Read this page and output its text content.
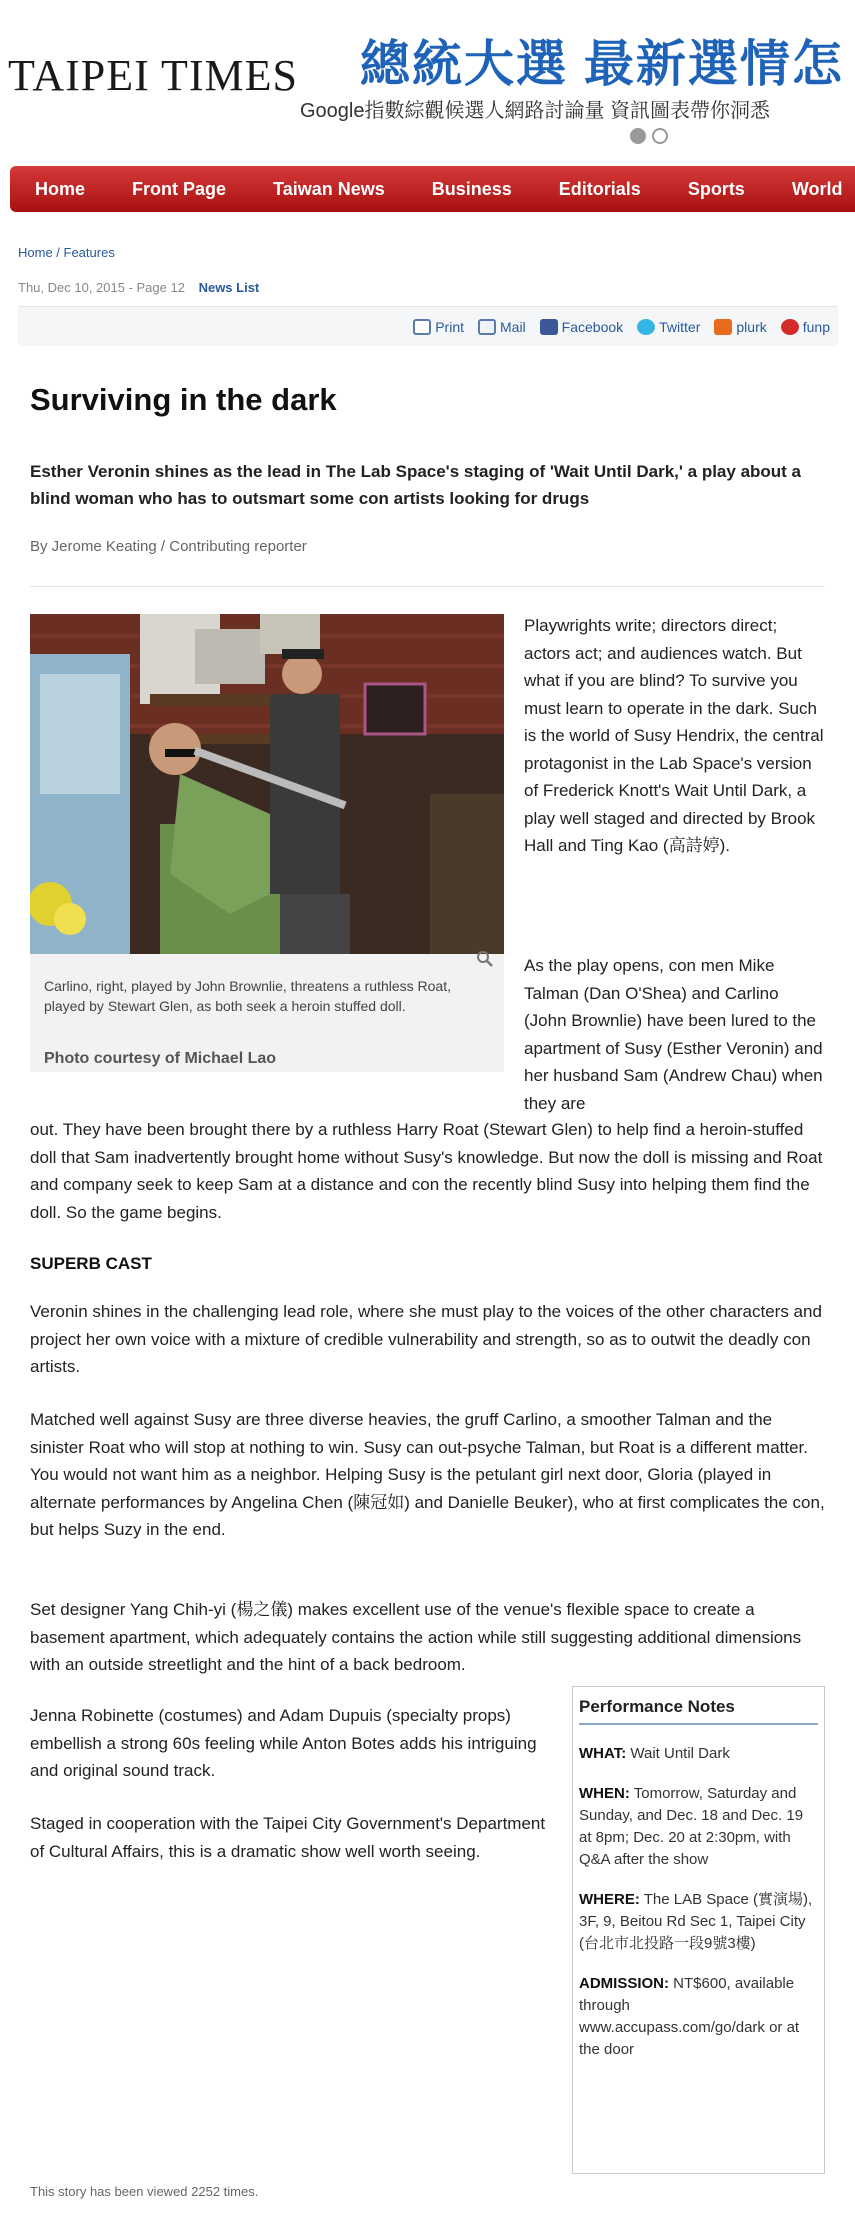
TAIPEI TIMES 總統大選 最新選情怎
Google指數綜觀候選人網路討論量 資訊圖表帶你洞悉
Home	Front Page	Taiwan News	Business	Editorials	Sports	World
Home / Features
Thu, Dec 10, 2015 - Page 12 News List
Print	Mail	Facebook	Twitter	plurk	funp
Surviving in the dark
Esther Veronin shines as the lead in The Lab Space's staging of 'Wait Until Dark,' a play about a blind woman who has to outsmart some con artists looking for drugs
By Jerome Keating / Contributing reporter
Carlino, right, played by John Brownlie, threatens a ruthless Roat, played by Stewart Glen, as both seek a heroin stuffed doll.
Photo courtesy of Michael Lao
Playwrights write; directors direct; actors act; and audiences watch. But what if you are blind? To survive you must learn to operate in the dark. Such is the world of Susy Hendrix, the central protagonist in the Lab Space's version of Frederick Knott's Wait Until Dark, a play well staged and directed by Brook Hall and Ting Kao (高詩婷).
As the play opens, con men Mike Talman (Dan O'Shea) and Carlino (John Brownlie) have been lured to the apartment of Susy (Esther Veronin) and her husband Sam (Andrew Chau) when they are
out. They have been brought there by a ruthless Harry Roat (Stewart Glen) to help find a heroin-stuffed doll that Sam inadvertently brought home without Susy's knowledge. But now the doll is missing and Roat and company seek to keep Sam at a distance and con the recently blind Susy into helping them find the doll. So the game begins.
SUPERB CAST
Veronin shines in the challenging lead role, where she must play to the voices of the other characters and project her own voice with a mixture of credible vulnerability and strength, so as to outwit the deadly con artists.
Matched well against Susy are three diverse heavies, the gruff Carlino, a smoother Talman and the sinister Roat who will stop at nothing to win. Susy can out-psyche Talman, but Roat is a different matter. You would not want him as a neighbor. Helping Susy is the petulant girl next door, Gloria (played in alternate performances by Angelina Chen (陳冠如) and Danielle Beuker), who at first complicates the con, but helps Suzy in the end.
Set designer Yang Chih-yi (楊之儀) makes excellent use of the venue's flexible space to create a basement apartment, which adequately contains the action while still suggesting additional dimensions with an outside streetlight and the hint of a back bedroom.
Jenna Robinette (costumes) and Adam Dupuis (specialty props) embellish a strong 60s feeling while Anton Botes adds his intriguing and original sound track.
Staged in cooperation with the Taipei City Government's Department of Cultural Affairs, this is a dramatic show well worth seeing.
Performance Notes
WHAT: Wait Until Dark
WHEN: Tomorrow, Saturday and Sunday, and Dec. 18 and Dec. 19 at 8pm; Dec. 20 at 2:30pm, with Q&A after the show
WHERE: The LAB Space (實演場), 3F, 9, Beitou Rd Sec 1, Taipei City (台北市北投路一段9號3樓)
ADMISSION: NT$600, available through www.accupass.com/go/dark or at the door
This story has been viewed 2252 times.
